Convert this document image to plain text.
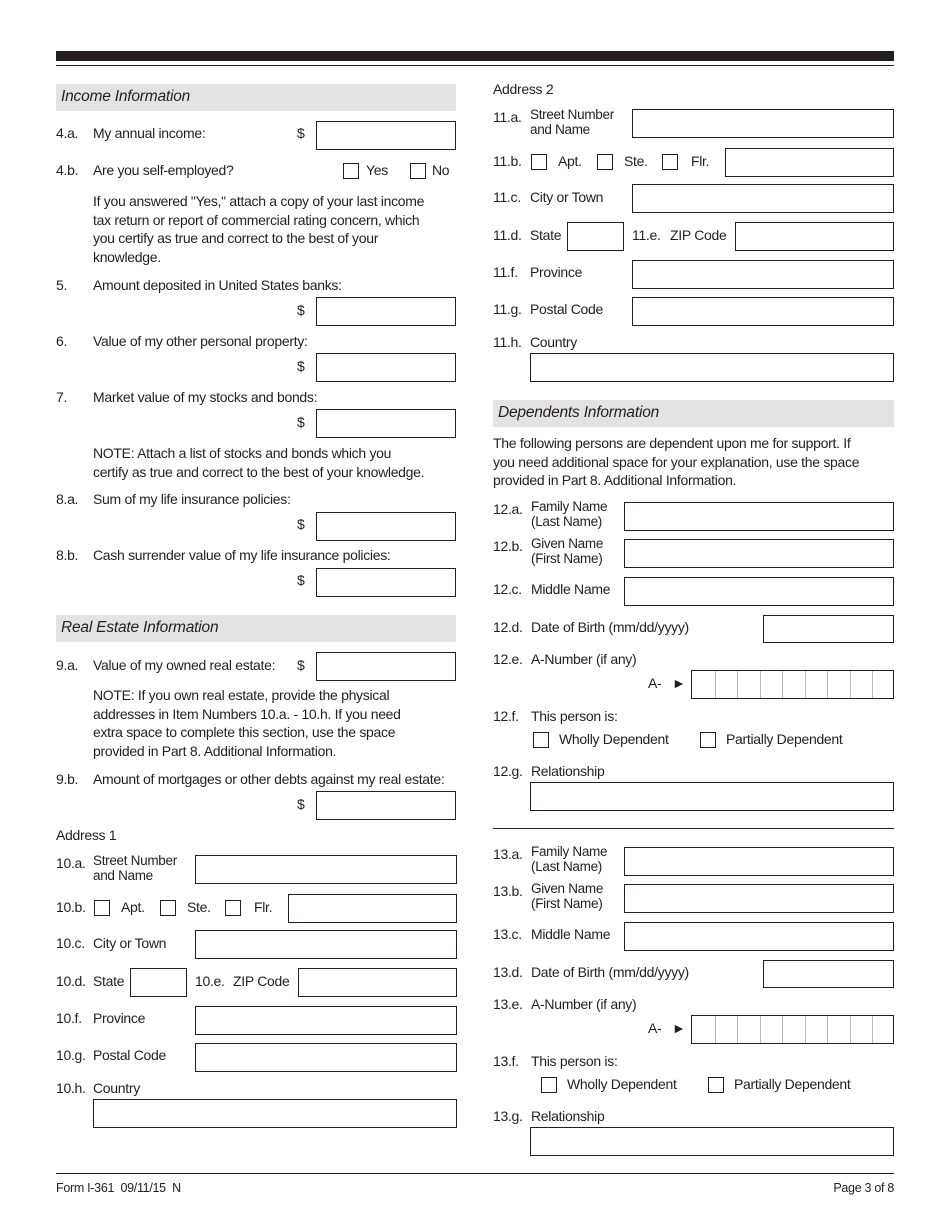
Form I-361  09/11/15  N	Page 3 of 8
Income Information
4.a. My annual income:	$
4.b. Are you self-employed?	Yes	No
If you answered "Yes," attach a copy of your last income
tax return or report of commercial rating concern, which
you certify as true and correct to the best of your
knowledge.
5. Amount deposited in United States banks:
$
6. Value of my other personal property:
$
7. Market value of my stocks and bonds:
$
NOTE: Attach a list of stocks and bonds which you
certify as true and correct to the best of your knowledge.
8.a. Sum of my life insurance policies:
$
8.b. Cash surrender value of my life insurance policies:
$
Real Estate Information
9.a. Value of my owned real estate: $
NOTE: If you own real estate, provide the physical
addresses in Item Numbers 10.a. - 10.h. If you need
extra space to complete this section, use the space
provided in Part 8. Additional Information.
9.b. Amount of mortgages or other debts against my real estate:
$
Address 1
10.a. Street Number
and Name
10.b.	Apt.	Ste.	Flr.
10.c. City or Town
10.d. State	10.e. ZIP Code
10.f. Province
10.g. Postal Code
10.h. Country
Address 2
11.a. Street Number
and Name
11.b.	Apt.	Ste.	Flr.
11.c. City or Town
11.d. State	11.e. ZIP Code
11.f. Province
11.g. Postal Code
11.h. Country
Dependents Information
The following persons are dependent upon me for support. If
you need additional space for your explanation, use the space
provided in Part 8. Additional Information.
12.a. Family Name
(Last Name)
12.b. Given Name
(First Name)
12.c. Middle Name
12.d. Date of Birth (mm/dd/yyyy)
12.e. A-Number (if any)
A- ►
12.f. This person is:
Wholly Dependent	Partially Dependent
12.g. Relationship
13.a. Family Name
(Last Name)
13.b. Given Name
(First Name)
13.c. Middle Name
13.d. Date of Birth (mm/dd/yyyy)
13.e. A-Number (if any)
A- ►
13.f. This person is:
Wholly Dependent	Partially Dependent
13.g. Relationship
